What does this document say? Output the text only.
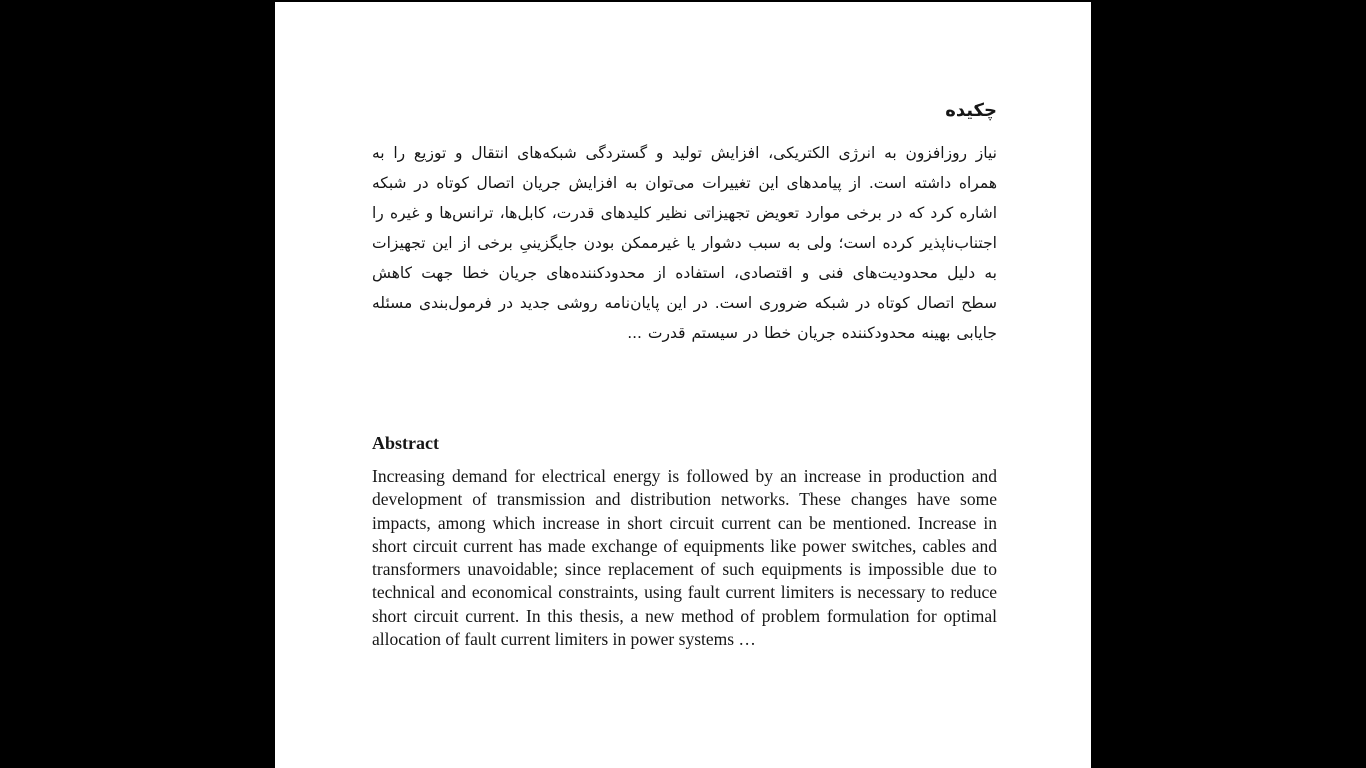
چکیده
نیاز روزافزون به انرژی الکتریکی، افزایش تولید و گستردگی شبکه‌های انتقال و توزیع را به همراه داشته است. از پیامدهای این تغییرات می‌توان به افزایش جریان اتصال کوتاه در شبکه اشاره کرد که در برخی موارد تعویض تجهیزاتی نظیر کلیدهای قدرت، کابل‌ها، ترانس‌ها و غیره را اجتناب‌ناپذیر کرده است؛ ولی به سبب دشوار یا غیرممکن بودن جایگزینیِ برخی از این تجهیزات به دلیل محدودیت‌های فنی و اقتصادی، استفاده از محدودکننده‌های جریان خطا جهت کاهش سطح اتصال کوتاه در شبکه ضروری است. در این پایان‌نامه روشی جدید در فرمول‌بندی مسئله جایابی بهینه محدودکننده جریان خطا در سیستم قدرت ...
Abstract
Increasing demand for electrical energy is followed by an increase in production and development of transmission and distribution networks. These changes have some impacts, among which increase in short circuit current can be mentioned. Increase in short circuit current has made exchange of equipments like power switches, cables and transformers unavoidable; since replacement of such equipments is impossible due to technical and economical constraints, using fault current limiters is necessary to reduce short circuit current. In this thesis, a new method of problem formulation for optimal allocation of fault current limiters in power systems …
